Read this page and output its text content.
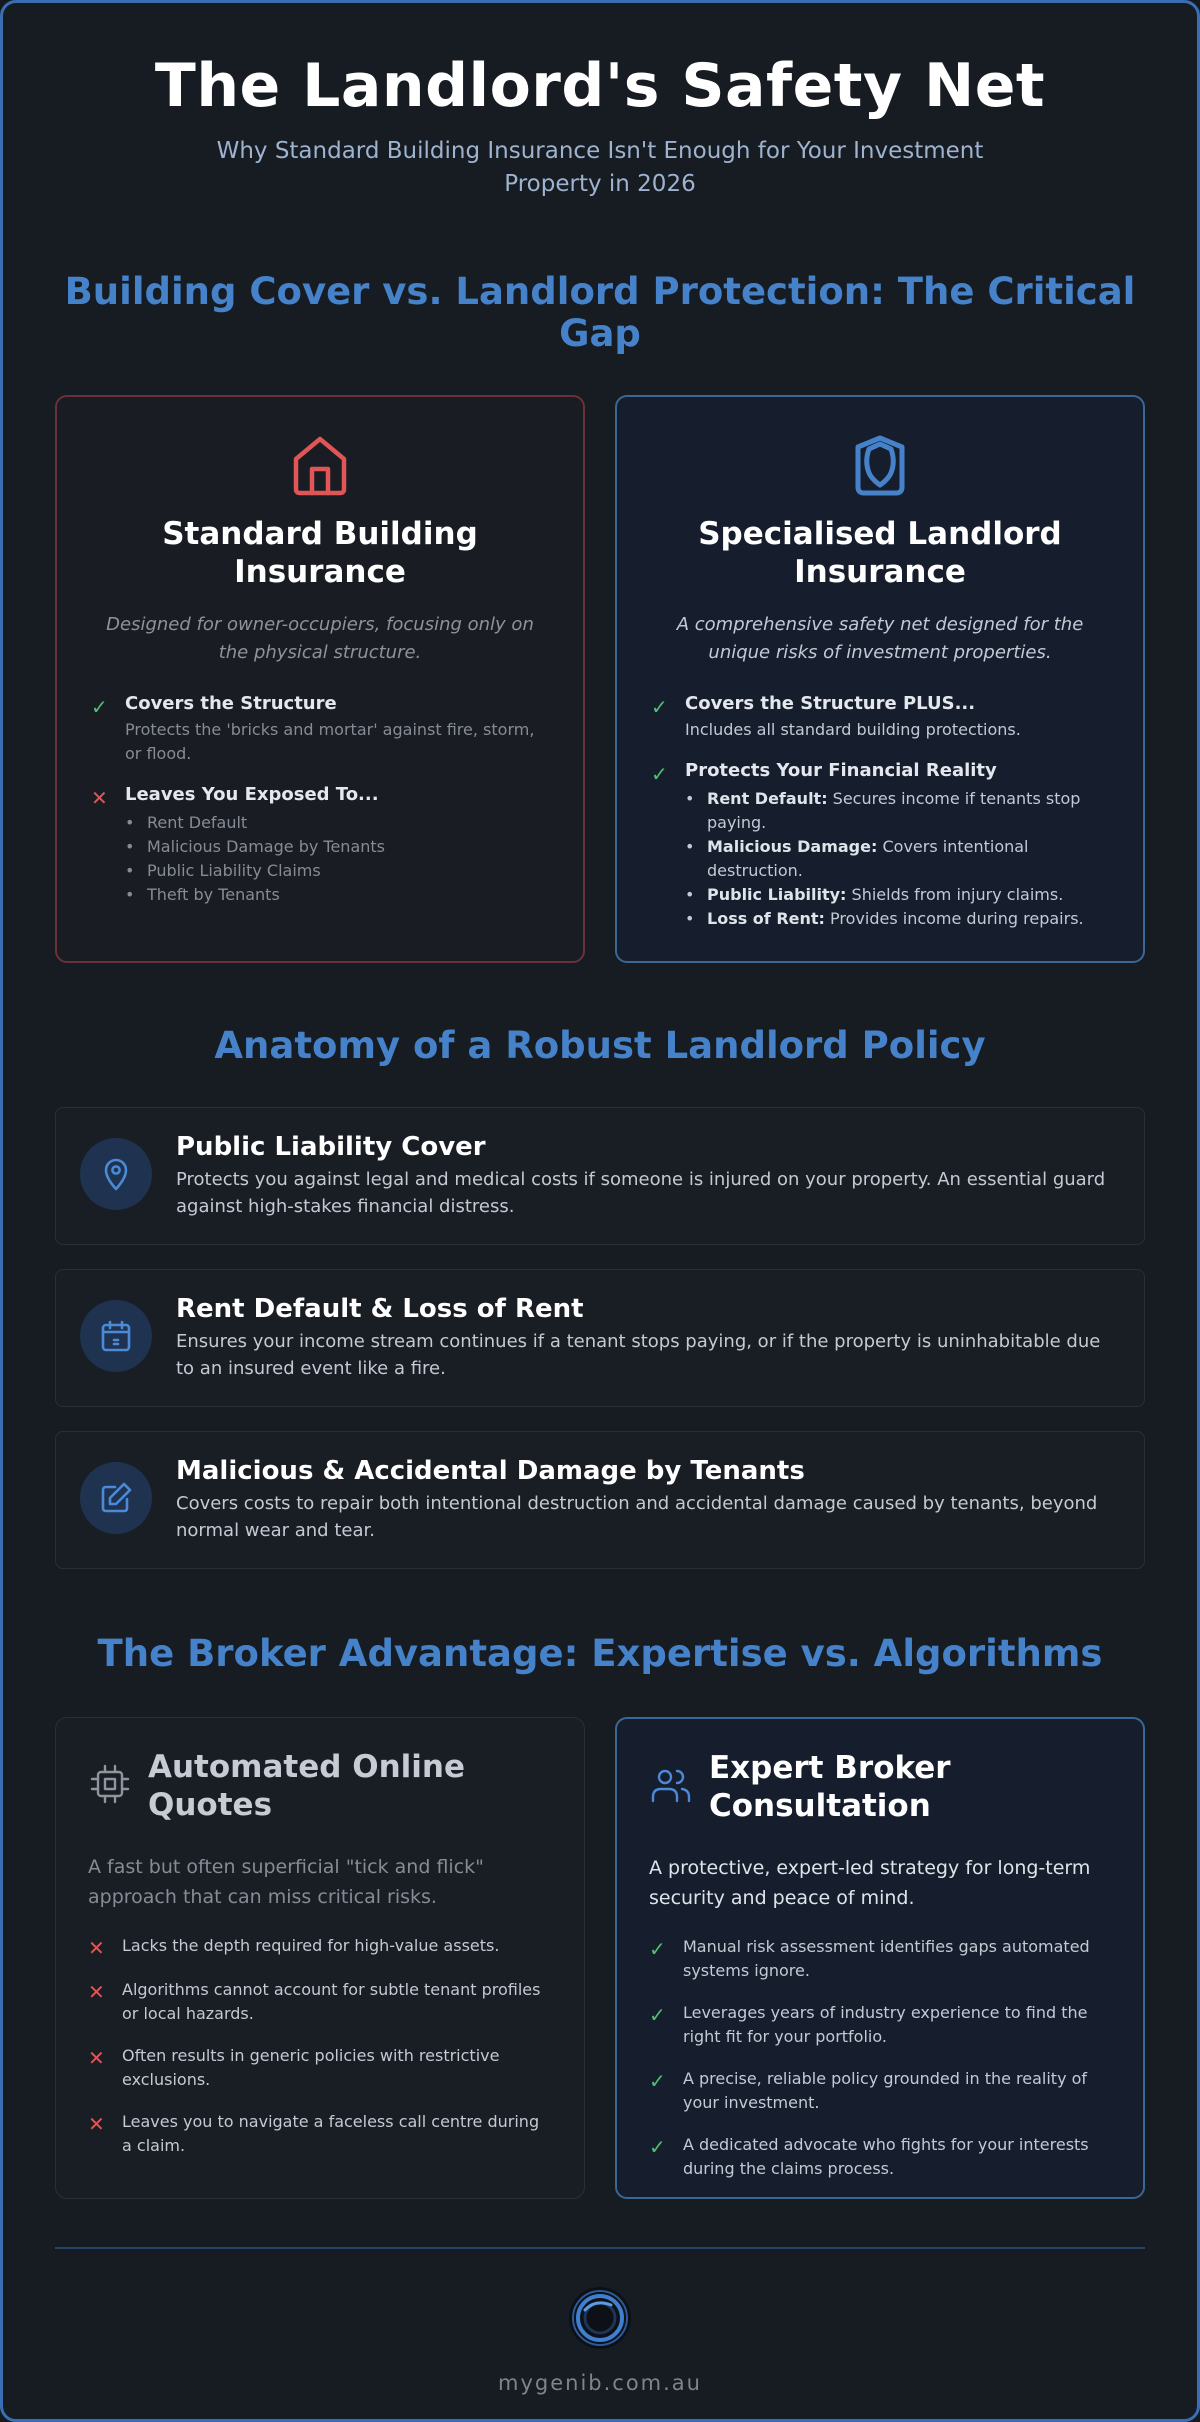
The Landlord's Safety Net

Why Standard Building Insurance Isn't Enough for Your Investment Property in 2026

Building Cover vs. Landlord Protection: The Critical Gap
Standard Building Insurance

Designed for owner-occupiers, focusing only on the physical structure.

✓ Covers the Structure
Protects the 'bricks and mortar' against fire, storm, or flood.
✕ Leaves You Exposed To...
• Rent Default
• Malicious Damage by Tenants
• Public Liability Claims
• Theft by Tenants
Specialised Landlord Insurance

A comprehensive safety net designed for the unique risks of investment properties.

✓ Covers the Structure PLUS...
Includes all standard building protections.
✓ Protects Your Financial Reality
• Rent Default: Secures income if tenants stop paying.
• Malicious Damage: Covers intentional destruction.
• Public Liability: Shields from injury claims.
• Loss of Rent: Provides income during repairs.
Anatomy of a Robust Landlord Policy
Public Liability Cover
Protects you against legal and medical costs if someone is injured on your property. An essential guard against high-stakes financial distress.
Rent Default & Loss of Rent
Ensures your income stream continues if a tenant stops paying, or if the property is uninhabitable due to an insured event like a fire.
Malicious & Accidental Damage by Tenants
Covers costs to repair both intentional destruction and accidental damage caused by tenants, beyond normal wear and tear.
The Broker Advantage: Expertise vs. Algorithms
Automated Online Quotes

A fast but often superficial "tick and flick" approach that can miss critical risks.

✕	Lacks the depth required for high-value assets.
✕	Algorithms cannot account for subtle tenant profiles or local hazards.
✕	Often results in generic policies with restrictive exclusions.
✕	Leaves you to navigate a faceless call centre during a claim.
Expert Broker Consultation

A protective, expert-led strategy for long-term security and peace of mind.

✓	Manual risk assessment identifies gaps automated systems ignore.
✓	Leverages years of industry experience to find the right fit for your portfolio.
✓	A precise, reliable policy grounded in the reality of your investment.
✓	A dedicated advocate who fights for your interests during the claims process.
mygenib.com.au
